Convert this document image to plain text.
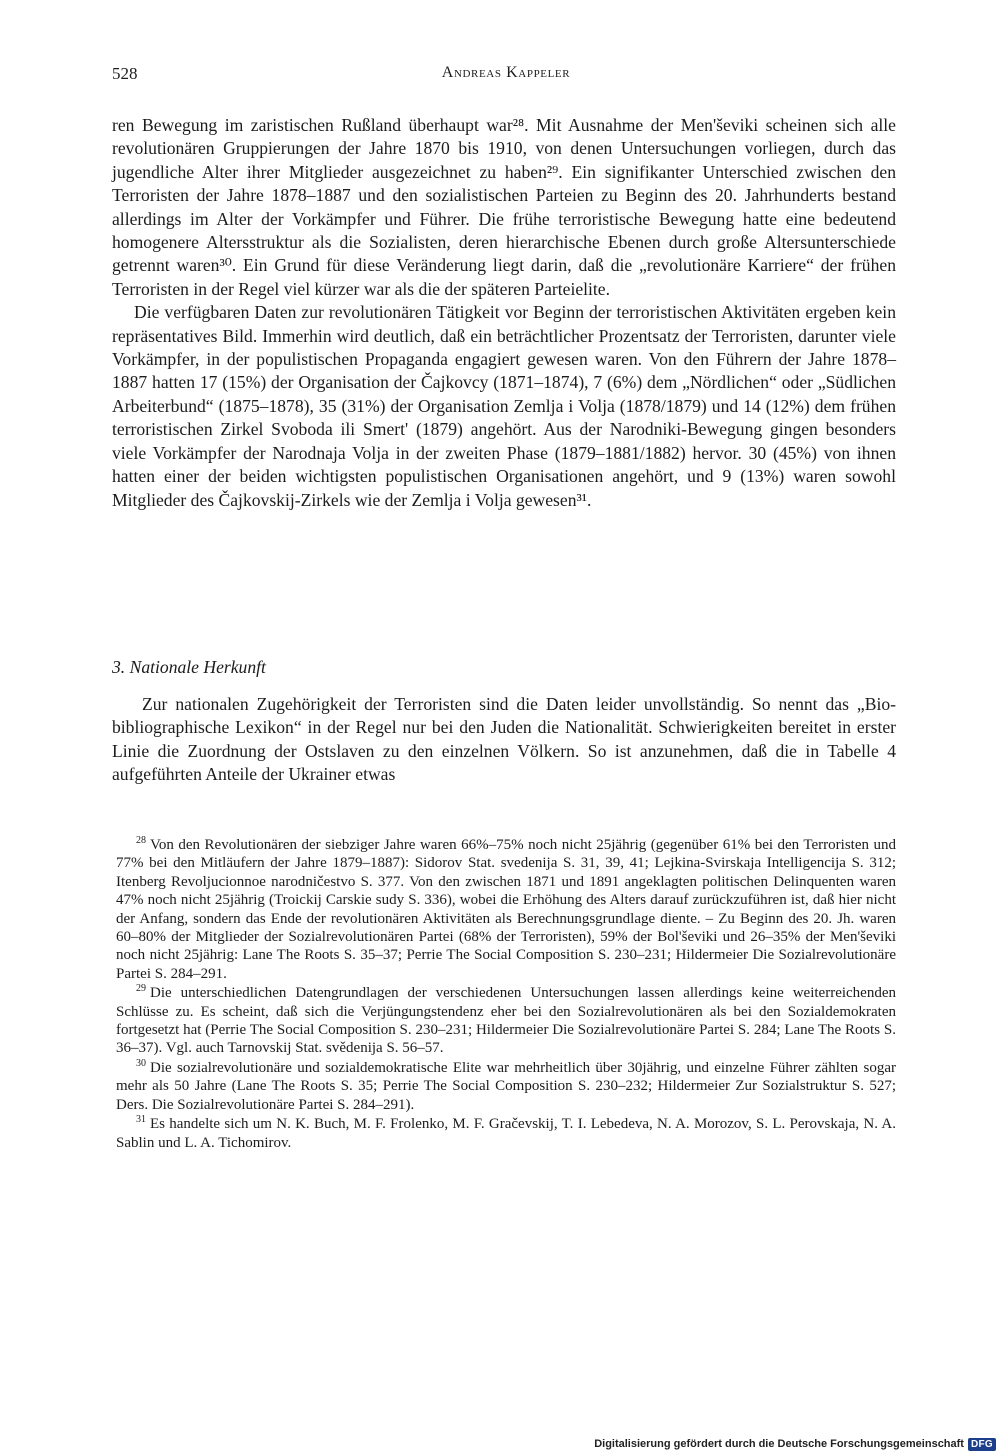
528	Andreas Kappeler

ren Bewegung im zaristischen Rußland überhaupt war²⁸. Mit Ausnahme der Men'ševiki scheinen sich alle revolutionären Gruppierungen der Jahre 1870 bis 1910, von denen Untersuchungen vorliegen, durch das jugendliche Alter ihrer Mitglieder ausgezeichnet zu haben²⁹. Ein signifikanter Unterschied zwischen den Terroristen der Jahre 1878–1887 und den sozialistischen Parteien zu Beginn des 20. Jahrhunderts bestand allerdings im Alter der Vorkämpfer und Führer. Die frühe terroristische Bewegung hatte eine bedeutend homogenere Altersstruktur als die Sozialisten, deren hierarchische Ebenen durch große Altersunterschiede getrennt waren³⁰. Ein Grund für diese Veränderung liegt darin, daß die „revolutionäre Karriere“ der frühen Terroristen in der Regel viel kürzer war als die der späteren Parteielite.

Die verfügbaren Daten zur revolutionären Tätigkeit vor Beginn der terroristischen Aktivitäten ergeben kein repräsentatives Bild. Immerhin wird deutlich, daß ein beträchtlicher Prozentsatz der Terroristen, darunter viele Vorkämpfer, in der populistischen Propaganda engagiert gewesen waren. Von den Führern der Jahre 1878–1887 hatten 17 (15%) der Organisation der Čajkovcy (1871–1874), 7 (6%) dem „Nördlichen“ oder „Südlichen Arbeiterbund“ (1875–1878), 35 (31%) der Organisation Zemlja i Volja (1878/1879) und 14 (12%) dem frühen terroristischen Zirkel Svoboda ili Smert' (1879) angehört. Aus der Narodniki-Bewegung gingen besonders viele Vorkämpfer der Narodnaja Volja in der zweiten Phase (1879–1881/1882) hervor. 30 (45%) von ihnen hatten einer der beiden wichtigsten populistischen Organisationen angehört, und 9 (13%) waren sowohl Mitglieder des Čajkovskij-Zirkels wie der Zemlja i Volja gewesen³¹.

3. Nationale Herkunft

Zur nationalen Zugehörigkeit der Terroristen sind die Daten leider unvollständig. So nennt das „Bio-bibliographische Lexikon“ in der Regel nur bei den Juden die Nationalität. Schwierigkeiten bereitet in erster Linie die Zuordnung der Ostslaven zu den einzelnen Völkern. So ist anzunehmen, daß die in Tabelle 4 aufgeführten Anteile der Ukrainer etwas

$^{28}$ Von den Revolutionären der siebziger Jahre waren 66%–75% noch nicht 25jährig (gegenüber 61% bei den Terroristen und 77% bei den Mitläufern der Jahre 1879–1887): Sidorov Stat. svedenija S. 31, 39, 41; Lejkina-Svirskaja Intelligencija S. 312; Itenberg Revoljucionnoe narodničestvo S. 377. Von den zwischen 1871 und 1891 angeklagten politischen Delinquenten waren 47% noch nicht 25jährig (Troickij Carskie sudy S. 336), wobei die Erhöhung des Alters darauf zurückzuführen ist, daß hier nicht der Anfang, sondern das Ende der revolutionären Aktivitäten als Berechnungsgrundlage diente. – Zu Beginn des 20. Jh. waren 60–80% der Mitglieder der Sozialrevolutionären Partei (68% der Terroristen), 59% der Bol'ševiki und 26–35% der Men'ševiki noch nicht 25jährig: Lane The Roots S. 35–37; Perrie The Social Composition S. 230–231; Hildermeier Die Sozialrevolutionäre Partei S. 284–291.

$^{29}$ Die unterschiedlichen Datengrundlagen der verschiedenen Untersuchungen lassen allerdings keine weiterreichenden Schlüsse zu. Es scheint, daß sich die Verjüngungstendenz eher bei den Sozialrevolutionären als bei den Sozialdemokraten fortgesetzt hat (Perrie The Social Composition S. 230–231; Hildermeier Die Sozialrevolutionäre Partei S. 284; Lane The Roots S. 36–37). Vgl. auch Tarnovskij Stat. svědenija S. 56–57.

$^{30}$ Die sozialrevolutionäre und sozialdemokratische Elite war mehrheitlich über 30jährig, und einzelne Führer zählten sogar mehr als 50 Jahre (Lane The Roots S. 35; Perrie The Social Composition S. 230–232; Hildermeier Zur Sozialstruktur S. 527; Ders. Die Sozialrevolutionäre Partei S. 284–291).

$^{31}$ Es handelte sich um N. K. Buch, M. F. Frolenko, M. F. Gračevskij, T. I. Lebedeva, N. A. Morozov, S. L. Perovskaja, N. A. Sablin und L. A. Tichomirov.

Digitalisierung gefördert durch die Deutsche Forschungsgemeinschaft DFG
